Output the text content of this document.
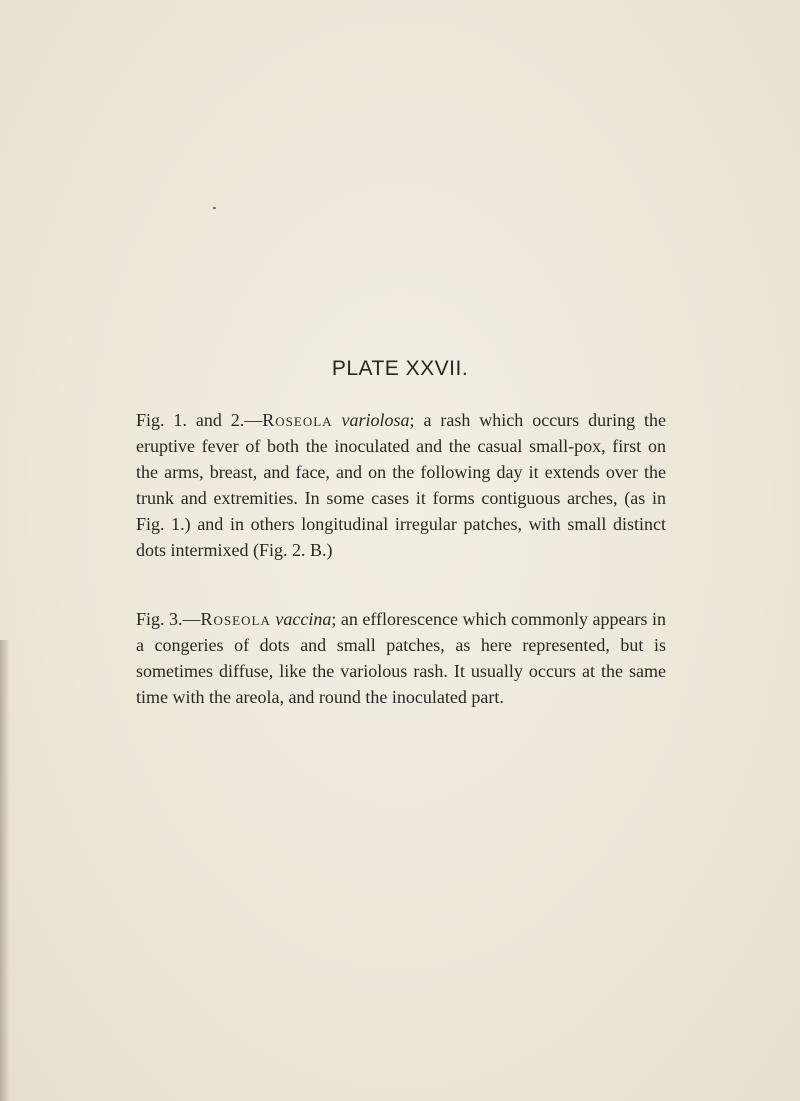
PLATE XXVII.

Fig. 1. and 2.—Roseola variolosa; a rash which occurs during the eruptive fever of both the inoculated and the casual small-pox, first on the arms, breast, and face, and on the following day it extends over the trunk and extremities. In some cases it forms contiguous arches, (as in Fig. 1.) and in others longitudinal irregular patches, with small distinct dots intermixed (Fig. 2. B.)

Fig. 3.—Roseola vaccina; an efflorescence which commonly appears in a congeries of dots and small patches, as here represented, but is sometimes diffuse, like the variolous rash. It usually occurs at the same time with the areola, and round the inoculated part.
